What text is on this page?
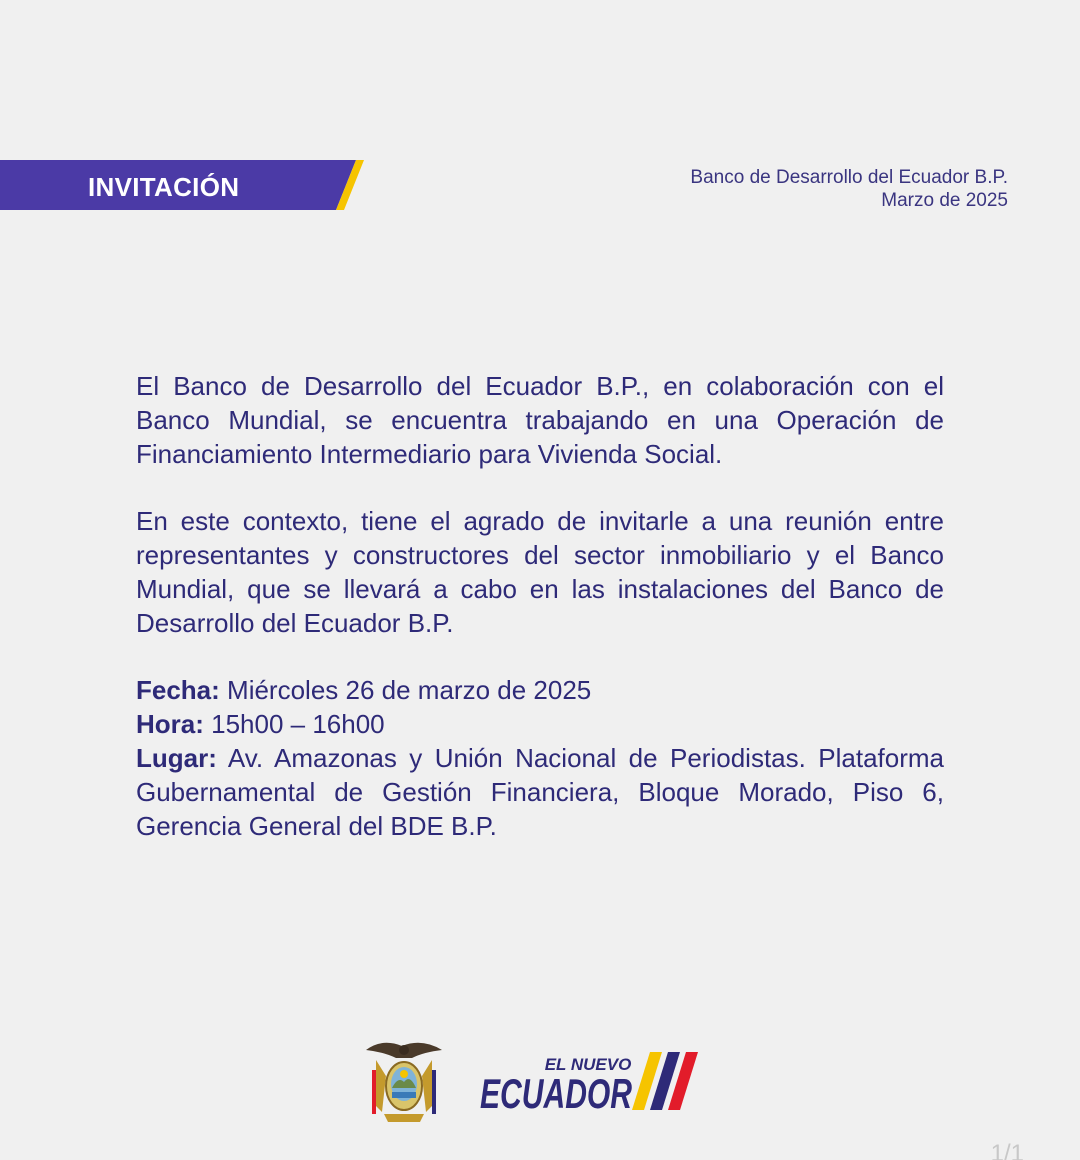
INVITACIÓN	Banco de Desarrollo del Ecuador B.P.
Marzo de 2025

El Banco de Desarrollo del Ecuador B.P., en colaboración con el Banco Mundial, se encuentra trabajando en una Operación de Financiamiento Intermediario para Vivienda Social.

En este contexto, tiene el agrado de invitarle a una reunión entre representantes y constructores del sector inmobiliario y el Banco Mundial, que se llevará a cabo en las instalaciones del Banco de Desarrollo del Ecuador B.P.

Fecha: Miércoles 26 de marzo de 2025
Hora: 15h00 – 16h00
Lugar: Av. Amazonas y Unión Nacional de Periodistas. Plataforma Gubernamental de Gestión Financiera, Bloque Morado, Piso 6, Gerencia General del BDE B.P.
EL NUEVO
ECUADOR
1/1
